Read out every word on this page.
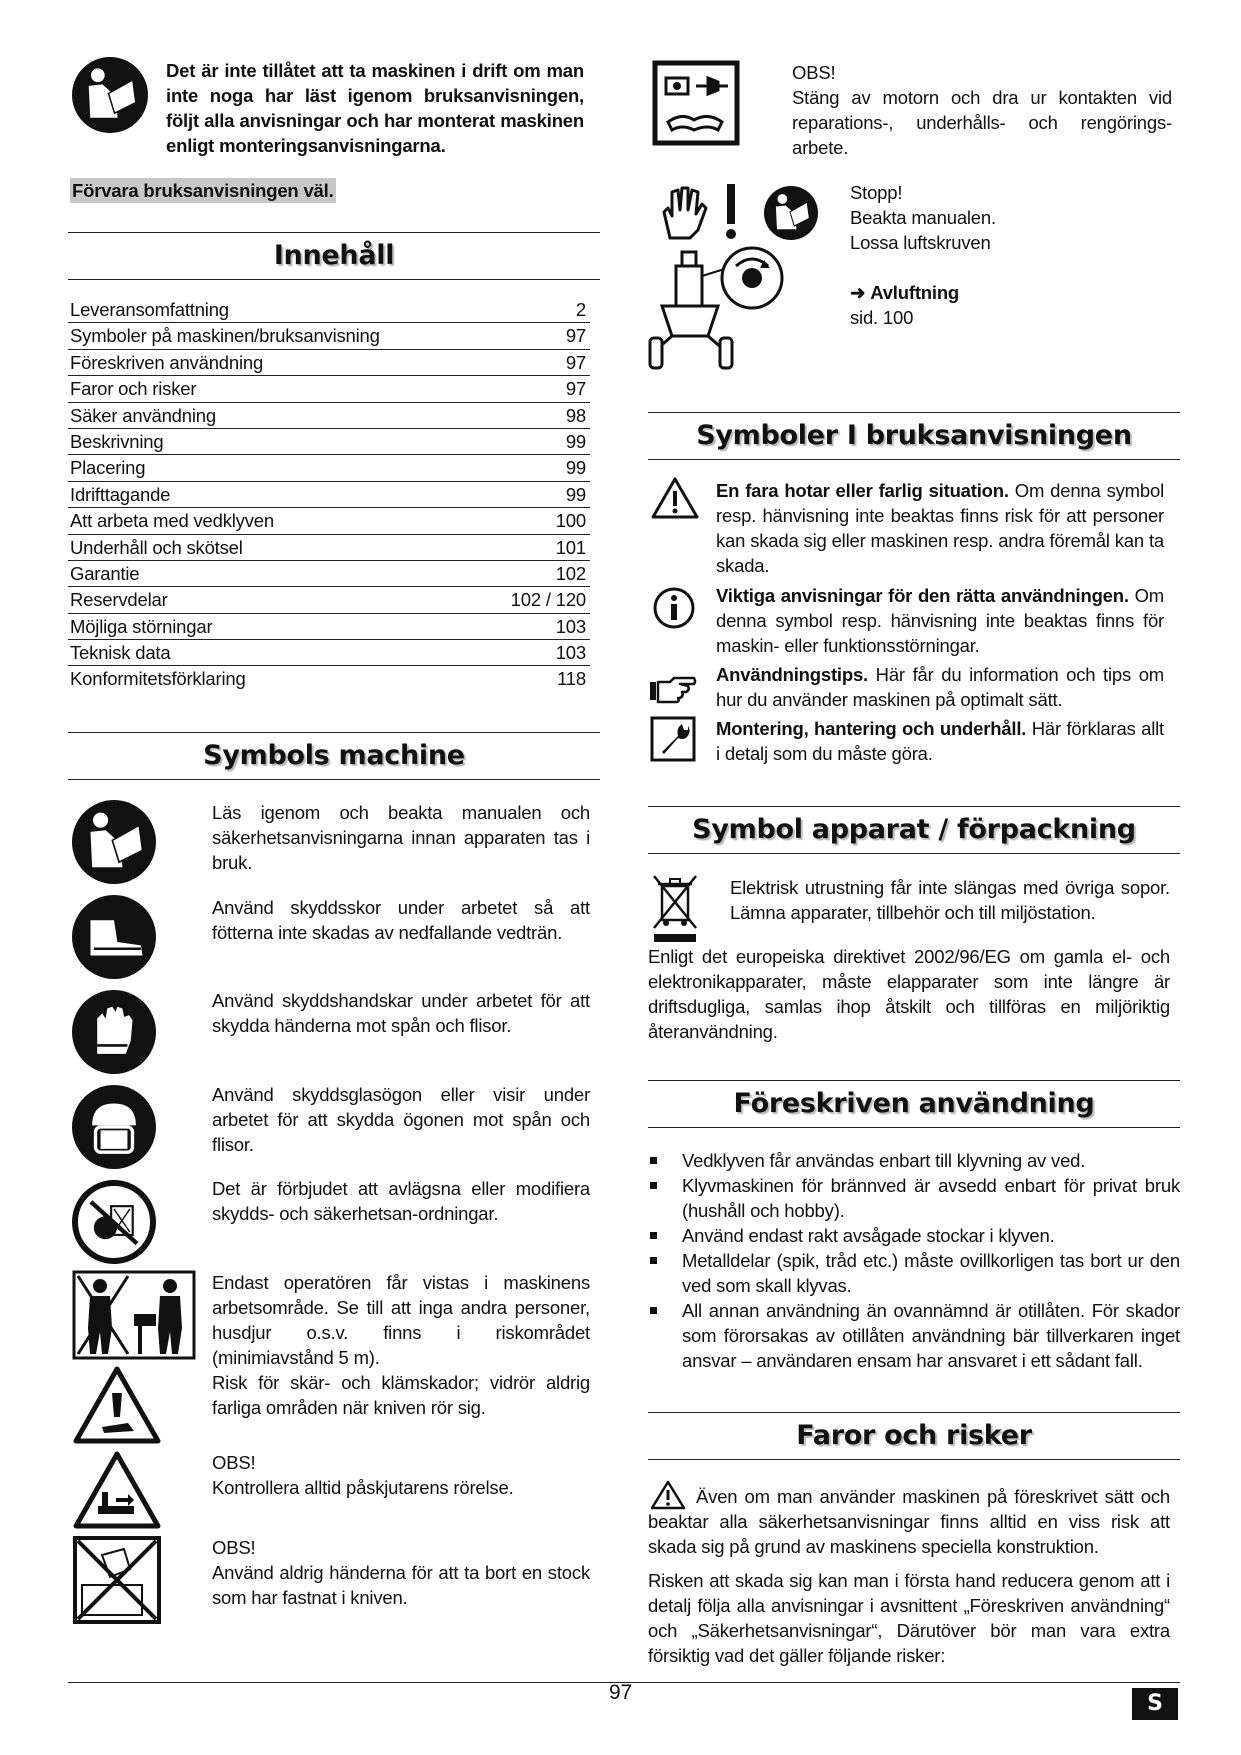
Det är inte tillåtet att ta maskinen i drift om man inte noga har läst igenom bruksanvisningen, följt alla anvisningar och har monterat maskinen enligt monteringsanvisningarna.
Förvara bruksanvisningen väl.
Innehåll
Leveransomfattning	2
Symboler på maskinen/bruksanvisning	97
Föreskriven användning	97
Faror och risker	97
Säker användning	98
Beskrivning	99
Placering	99
Idrifttagande	99
Att arbeta med vedklyven	100
Underhåll och skötsel	101
Garantie	102
Reservdelar	102 / 120
Möjliga störningar	103
Teknisk data	103
Konformitetsförklaring	118
Symbols machine
Läs igenom och beakta manualen och säkerhetsanvisningarna innan apparaten tas i bruk.
Använd skyddsskor under arbetet så att fötterna inte skadas av nedfallande vedträn.
Använd skyddshandskar under arbetet för att skydda händerna mot spån och flisor.
Använd skyddsglasögon eller visir under arbetet för att skydda ögonen mot spån och flisor.
Det är förbjudet att avlägsna eller modifiera skydds- och säkerhetsan-ordningar.
Endast operatören får vistas i maskinens arbetsområde. Se till att inga andra personer, husdjur o.s.v. finns i riskområdet (minimiavstånd 5 m).
Risk för skär- och klämskador; vidrör aldrig farliga områden när kniven rör sig.
OBS!
Kontrollera alltid påskjutarens rörelse.
OBS!
Använd aldrig händerna för att ta bort en stock som har fastnat i kniven.
OBS!
Stäng av motorn och dra ur kontakten vid reparations-, underhålls- och rengörings-arbete.
Stopp!
Beakta manualen.
Lossa luftskruven
➜ Avluftning
sid. 100
Symboler I bruksanvisningen
En fara hotar eller farlig situation. Om denna symbol resp. hänvisning inte beaktas finns risk för att personer kan skada sig eller maskinen resp. andra föremål kan ta skada.
Viktiga anvisningar för den rätta användningen. Om denna symbol resp. hänvisning inte beaktas finns för maskin- eller funktionsstörningar.
Användningstips. Här får du information och tips om hur du använder maskinen på optimalt sätt.
Montering, hantering och underhåll. Här förklaras allt i detalj som du måste göra.
Symbol apparat / förpackning
Elektrisk utrustning får inte slängas med övriga sopor. Lämna apparater, tillbehör och till miljöstation.
Enligt det europeiska direktivet 2002/96/EG om gamla el- och elektronikapparater, måste elapparater som inte längre är driftsdugliga, samlas ihop åtskilt och tillföras en miljöriktig återanvändning.
Föreskriven användning
Vedklyven får användas enbart till klyvning av ved.
Klyvmaskinen för brännved är avsedd enbart för privat bruk (hushåll och hobby).
Använd endast rakt avsågade stockar i klyven.
Metalldelar (spik, tråd etc.) måste ovillkorligen tas bort ur den ved som skall klyvas.
All annan användning än ovannämnd är otillåten. För skador som förorsakas av otillåten användning bär tillverkaren inget ansvar – användaren ensam har ansvaret i ett sådant fall.
Faror och risker
Även om man använder maskinen på föreskrivet sätt och beaktar alla säkerhetsanvisningar finns alltid en viss risk att skada sig på grund av maskinens speciella konstruktion.
Risken att skada sig kan man i första hand reducera genom att i detalj följa alla anvisningar i avsnittent „Föreskriven användning“ och „Säkerhetsanvisningar“, Därutöver bör man vara extra försiktig vad det gäller följande risker:
97	S
